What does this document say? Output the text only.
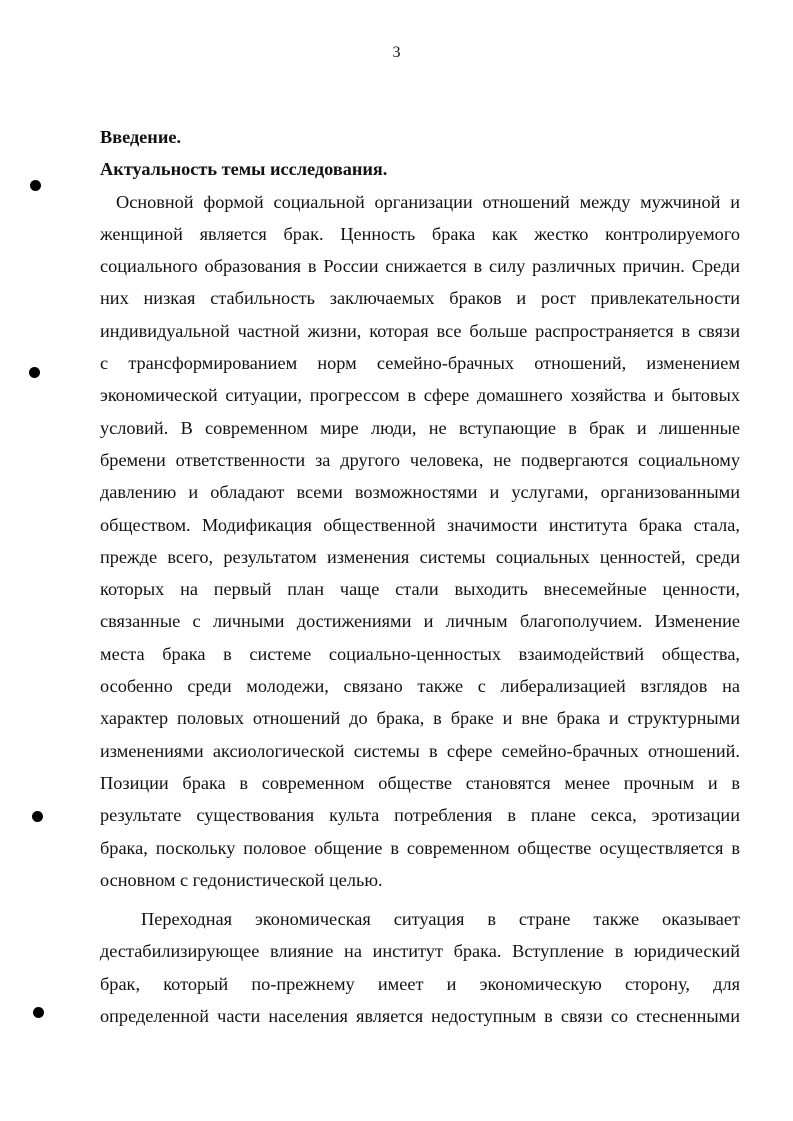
3

Введение.

Актуальность темы исследования.

Основной формой социальной организации отношений между мужчиной и
женщиной является брак. Ценность брака как жестко контролируемого
социального образования в России снижается в силу различных причин. Среди
них низкая стабильность заключаемых браков и рост привлекательности
индивидуальной частной жизни, которая все больше распространяется в связи
с трансформированием норм семейно-брачных отношений, изменением
экономической ситуации, прогрессом в сфере домашнего хозяйства и бытовых
условий. В современном мире люди, не вступающие в брак и лишенные
бремени ответственности за другого человека, не подвергаются социальному
давлению и обладают всеми возможностями и услугами, организованными
обществом. Модификация общественной значимости института брака стала,
прежде всего, результатом изменения системы социальных ценностей, среди
которых на первый план чаще стали выходить внесемейные ценности,
связанные с личными достижениями и личным благополучием. Изменение
места брака в системе социально-ценностых взаимодействий общества,
особенно среди молодежи, связано также с либерализацией взглядов на
характер половых отношений до брака, в браке и вне брака и структурными
изменениями аксиологической системы в сфере семейно-брачных отношений.
Позиции брака в современном обществе становятся менее прочным и в
результате существования культа потребления в плане секса, эротизации
брака, поскольку половое общение в современном обществе осуществляется в
основном с гедонистической целью.
Переходная экономическая ситуация в стране также оказывает
дестабилизирующее влияние на институт брака. Вступление в юридический
брак, который по-прежнему имеет и экономическую сторону, для
определенной части населения является недоступным в связи со стесненными
